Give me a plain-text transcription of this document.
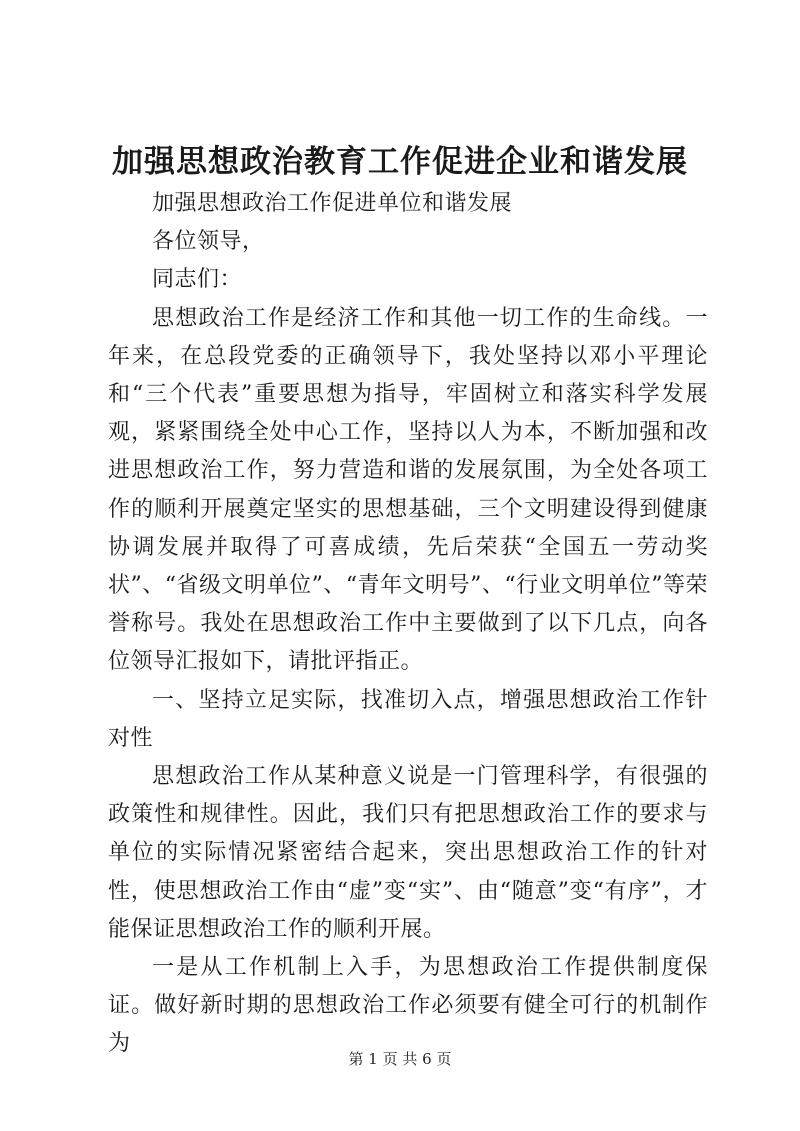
加强思想政治教育工作促进企业和谐发展

加强思想政治工作促进单位和谐发展

各位领导，

同志们：

思想政治工作是经济工作和其他一切工作的生命线。一年来，在总段党委的正确领导下，我处坚持以邓小平理论和“三个代表”重要思想为指导，牢固树立和落实科学发展观，紧紧围绕全处中心工作，坚持以人为本，不断加强和改进思想政治工作，努力营造和谐的发展氛围，为全处各项工作的顺利开展奠定坚实的思想基础，三个文明建设得到健康协调发展并取得了可喜成绩，先后荣获“全国五一劳动奖状”、“省级文明单位”、“青年文明号”、“行业文明单位”等荣誉称号。我处在思想政治工作中主要做到了以下几点，向各位领导汇报如下，请批评指正。

一、坚持立足实际，找准切入点，增强思想政治工作针对性

思想政治工作从某种意义说是一门管理科学，有很强的政策性和规律性。因此，我们只有把思想政治工作的要求与单位的实际情况紧密结合起来，突出思想政治工作的针对性，使思想政治工作由“虚”变“实”、由“随意”变“有序”，才能保证思想政治工作的顺利开展。

一是从工作机制上入手，为思想政治工作提供制度保证。做好新时期的思想政治工作必须要有健全可行的机制作为

第 1 页 共 6 页
